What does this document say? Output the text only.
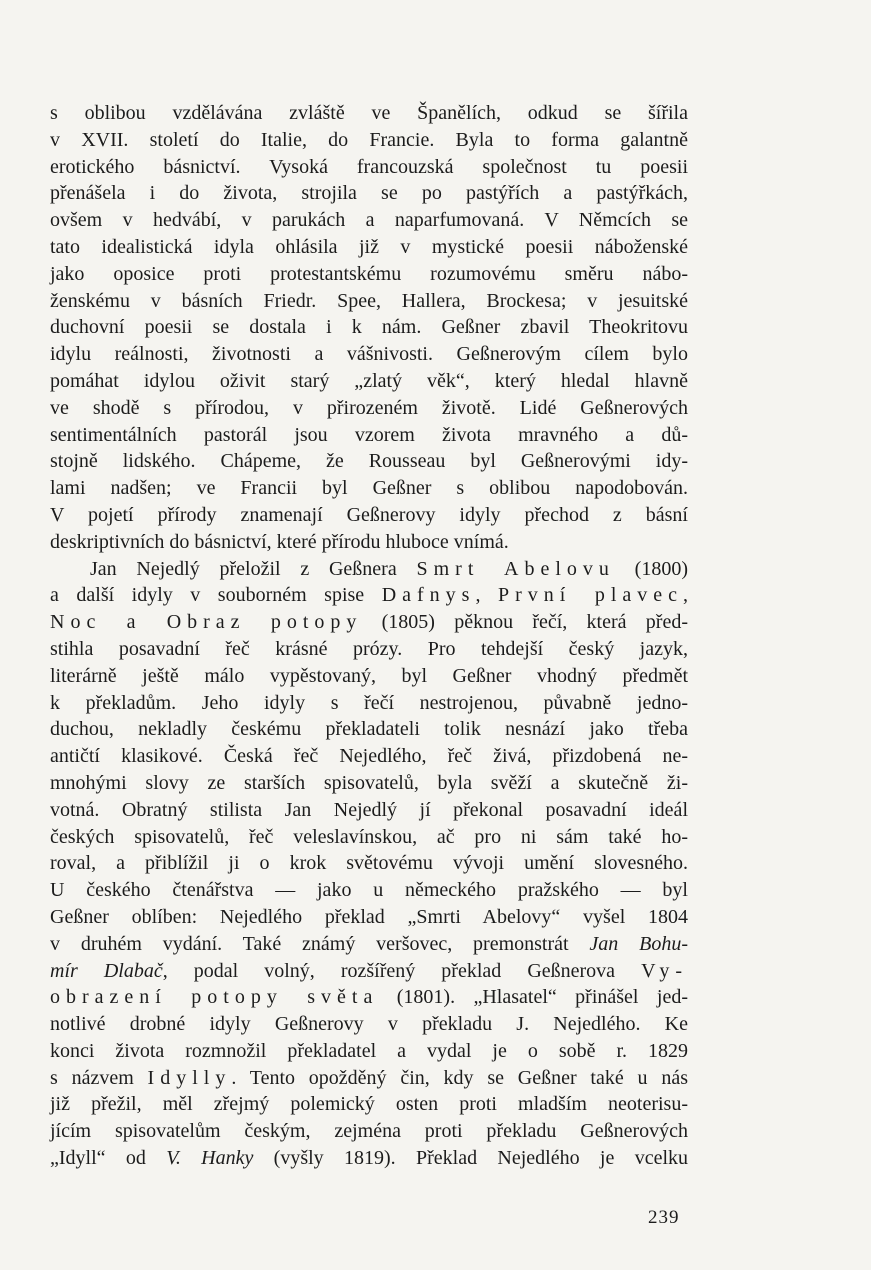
s oblibou vzdělávána zvláště ve Španělích, odkud se šířila
v XVII. století do Italie, do Francie. Byla to forma galantně
erotického básnictví. Vysoká francouzská společnost tu poesii
přenášela i do života, strojila se po pastýřích a pastýřkách,
ovšem v hedvábí, v parukách a naparfumovaná. V Němcích se
tato idealistická idyla ohlásila již v mystické poesii náboženské
jako oposice proti protestantskému rozumovému směru nábo-
ženskému v básních Friedr. Spee, Hallera, Brockesa; v jesuitské
duchovní poesii se dostala i k nám. Geßner zbavil Theokritovu
idylu reálnosti, životnosti a vášnivosti. Geßnerovým cílem bylo
pomáhat idylou oživit starý „zlatý věk“, který hledal hlavně
ve shodě s přírodou, v přirozeném životě. Lidé Geßnerových
sentimentálních pastorál jsou vzorem života mravného a dů-
stojně lidského. Chápeme, že Rousseau byl Geßnerovými idy-
lami nadšen; ve Francii byl Geßner s oblibou napodobován.
V pojetí přírody znamenají Geßnerovy idyly přechod z básní
deskriptivních do básnictví, které přírodu hluboce vnímá.
Jan Nejedlý přeložil z Geßnera Smrt Abelovu (1800)
a další idyly v souborném spise Dafnys, První plavec,
Noc a Obraz potopy (1805) pěknou řečí, která před-
stihla posavadní řeč krásné prózy. Pro tehdejší český jazyk,
literárně ještě málo vypěstovaný, byl Geßner vhodný předmět
k překladům. Jeho idyly s řečí nestrojenou, půvabně jedno-
duchou, nekladly českému překladateli tolik nesnází jako třeba
antičtí klasikové. Česká řeč Nejedlého, řeč živá, přizdobená ne-
mnohými slovy ze starších spisovatelů, byla svěží a skutečně ži-
votná. Obratný stilista Jan Nejedlý jí překonal posavadní ideál
českých spisovatelů, řeč veleslavínskou, ač pro ni sám také ho-
roval, a přiblížil ji o krok světovému vývoji umění slovesného.
U českého čtenářstva — jako u německého pražského — byl
Geßner oblíben: Nejedlého překlad „Smrti Abelovy“ vyšel 1804
v druhém vydání. Také známý veršovec, premonstrát Jan Bohu-
mír Dlabač, podal volný, rozšířený překlad Geßnerova Vy-
obrazení potopy světa (1801). „Hlasatel“ přinášel jed-
notlivé drobné idyly Geßnerovy v překladu J. Nejedlého. Ke
konci života rozmnožil překladatel a vydal je o sobě r. 1829
s názvem Idylly. Tento opožděný čin, kdy se Geßner také u nás
již přežil, měl zřejmý polemický osten proti mladším neoterisu-
jícím spisovatelům českým, zejména proti překladu Geßnerových
„Idyll“ od V. Hanky (vyšly 1819). Překlad Nejedlého je vcelku
239
